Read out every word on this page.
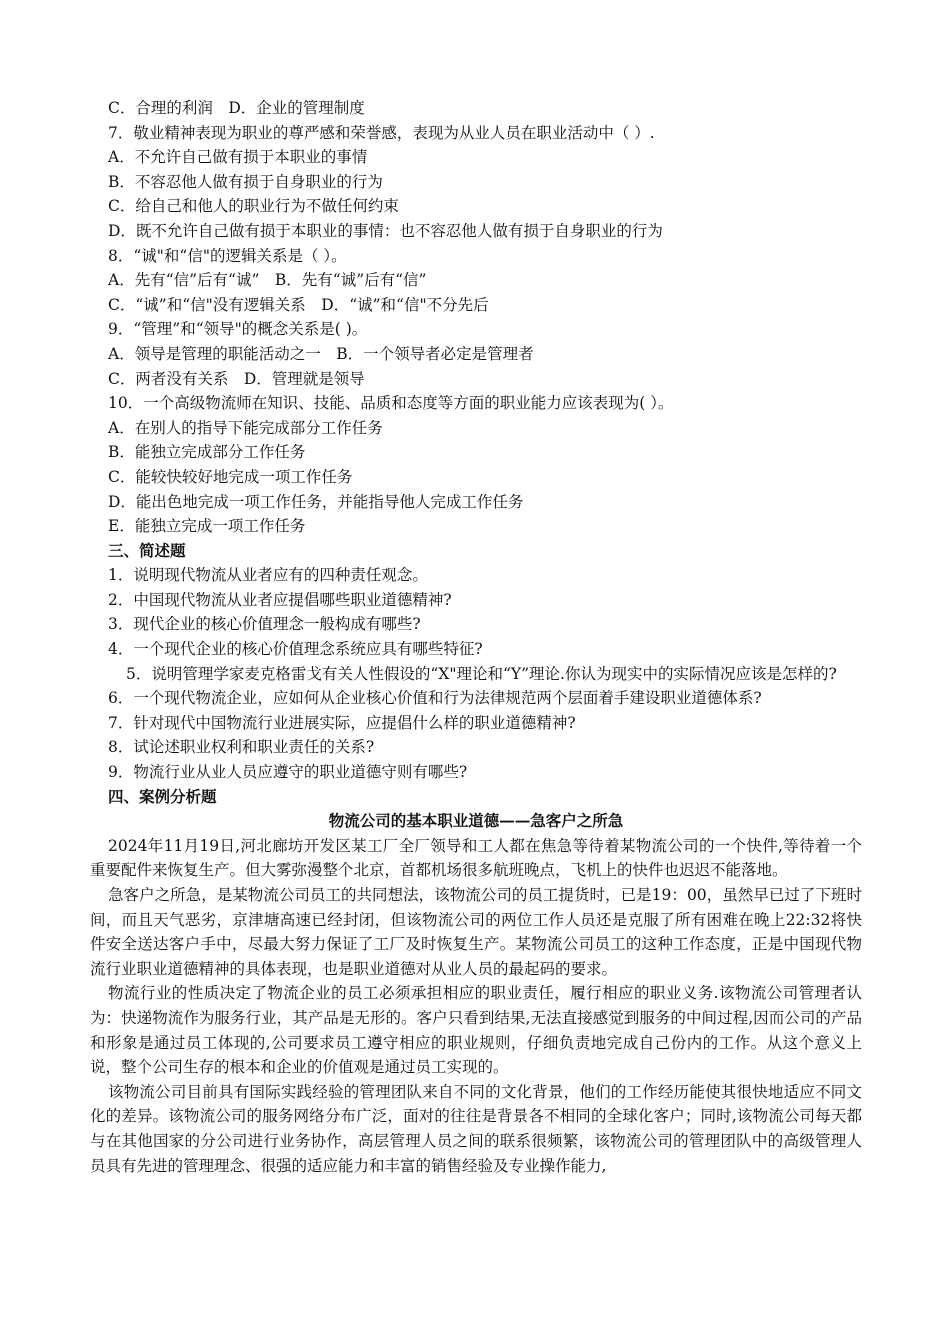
C．合理的利润　D．企业的管理制度
7．敬业精神表现为职业的尊严感和荣誉感，表现为从业人员在职业活动中（ ）.
A．不允许自己做有损于本职业的事情
B．不容忍他人做有损于自身职业的行为
C．给自己和他人的职业行为不做任何约束
D．既不允许自己做有损于本职业的事情：也不容忍他人做有损于自身职业的行为
8．“诚"和“信"的逻辑关系是（ ）。
A．先有“信”后有“诚”　B．先有“诚”后有“信”
C．“诚”和“信"没有逻辑关系　D．“诚”和“信"不分先后
9．“管理”和“领导"的概念关系是( )。
A．领导是管理的职能活动之一　B．一个领导者必定是管理者
C．两者没有关系　D．管理就是领导
10．一个高级物流师在知识、技能、品质和态度等方面的职业能力应该表现为( ）。
A．在别人的指导下能完成部分工作任务
B．能独立完成部分工作任务
C．能较快较好地完成一项工作任务
D．能出色地完成一项工作任务，并能指导他人完成工作任务
E．能独立完成一项工作任务
三、简述题
1．说明现代物流从业者应有的四种责任观念。
2．中国现代物流从业者应提倡哪些职业道德精神?
3．现代企业的核心价值理念一般构成有哪些?
4．一个现代企业的核心价值理念系统应具有哪些特征?
5．说明管理学家麦克格雷戈有关人性假设的“X"理论和“Y”理论.你认为现实中的实际情况应该是怎样的?
6．一个现代物流企业，应如何从企业核心价值和行为法律规范两个层面着手建设职业道德体系?
7．针对现代中国物流行业进展实际，应提倡什么样的职业道德精神?
8．试论述职业权利和职业责任的关系?
9．物流行业从业人员应遵守的职业道德守则有哪些?
四、案例分析题
物流公司的基本职业道德——急客户之所急
2024年11月19日,河北廊坊开发区某工厂全厂领导和工人都在焦急等待着某物流公司的一个快件,等待着一个重要配件来恢复生产。但大雾弥漫整个北京，首都机场很多航班晚点，飞机上的快件也迟迟不能落地。
急客户之所急，是某物流公司员工的共同想法，该物流公司的员工提货时，已是19：00，虽然早已过了下班时间，而且天气恶劣，京津塘高速已经封闭，但该物流公司的两位工作人员还是克服了所有困难在晚上22:32将快件安全送达客户手中，尽最大努力保证了工厂及时恢复生产。某物流公司员工的这种工作态度，正是中国现代物流行业职业道德精神的具体表现，也是职业道德对从业人员的最起码的要求。
物流行业的性质决定了物流企业的员工必须承担相应的职业责任，履行相应的职业义务.该物流公司管理者认为：快递物流作为服务行业，其产品是无形的。客户只看到结果,无法直接感觉到服务的中间过程,因而公司的产品和形象是通过员工体现的,公司要求员工遵守相应的职业规则，仔细负责地完成自己份内的工作。从这个意义上说，整个公司生存的根本和企业的价值观是通过员工实现的。
该物流公司目前具有国际实践经验的管理团队来自不同的文化背景，他们的工作经历能使其很快地适应不同文化的差异。该物流公司的服务网络分布广泛，面对的往往是背景各不相同的全球化客户；同时,该物流公司每天都与在其他国家的分公司进行业务协作，高层管理人员之间的联系很频繁，该物流公司的管理团队中的高级管理人员具有先进的管理理念、很强的适应能力和丰富的销售经验及专业操作能力,
